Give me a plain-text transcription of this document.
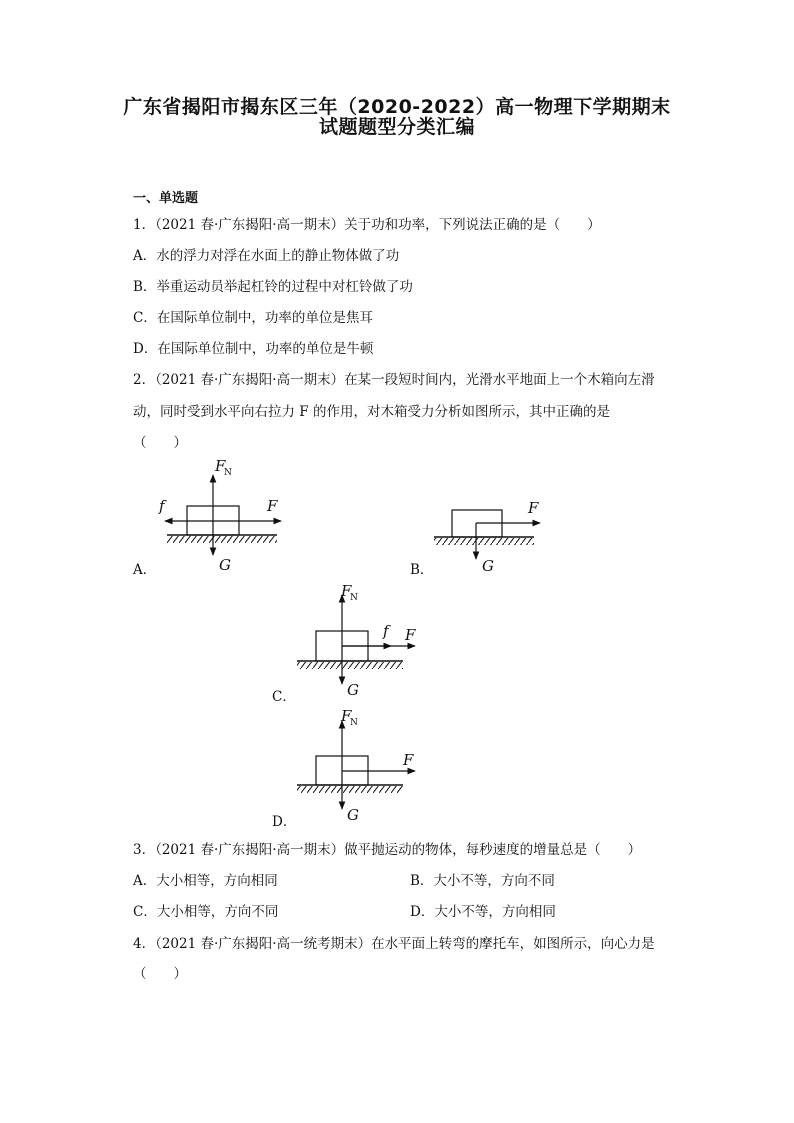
广东省揭阳市揭东区三年（2020-2022）高一物理下学期期末
试题题型分类汇编
一、单选题
1．（2021 春·广东揭阳·高一期末）关于功和功率，下列说法正确的是（　　）
A．水的浮力对浮在水面上的静止物体做了功
B．举重运动员举起杠铃的过程中对杠铃做了功
C．在国际单位制中，功率的单位是焦耳
D．在国际单位制中，功率的单位是牛顿
2．（2021 春·广东揭阳·高一期末）在某一段短时间内，光滑水平地面上一个木箱向左滑
动，同时受到水平向右拉力 F 的作用，对木箱受力分析如图所示，其中正确的是
（　　）
F
N
f	F
G
A．
F
G
B．
F
N
f F
G
C．
F
N
F
G
D．
3．（2021 春·广东揭阳·高一期末）做平抛运动的物体，每秒速度的增量总是（　　）
A．大小相等，方向相同	B．大小不等，方向不同
C．大小相等，方向不同	D．大小不等，方向相同
4．（2021 春·广东揭阳·高一统考期末）在水平面上转弯的摩托车，如图所示，向心力是
（　　）
